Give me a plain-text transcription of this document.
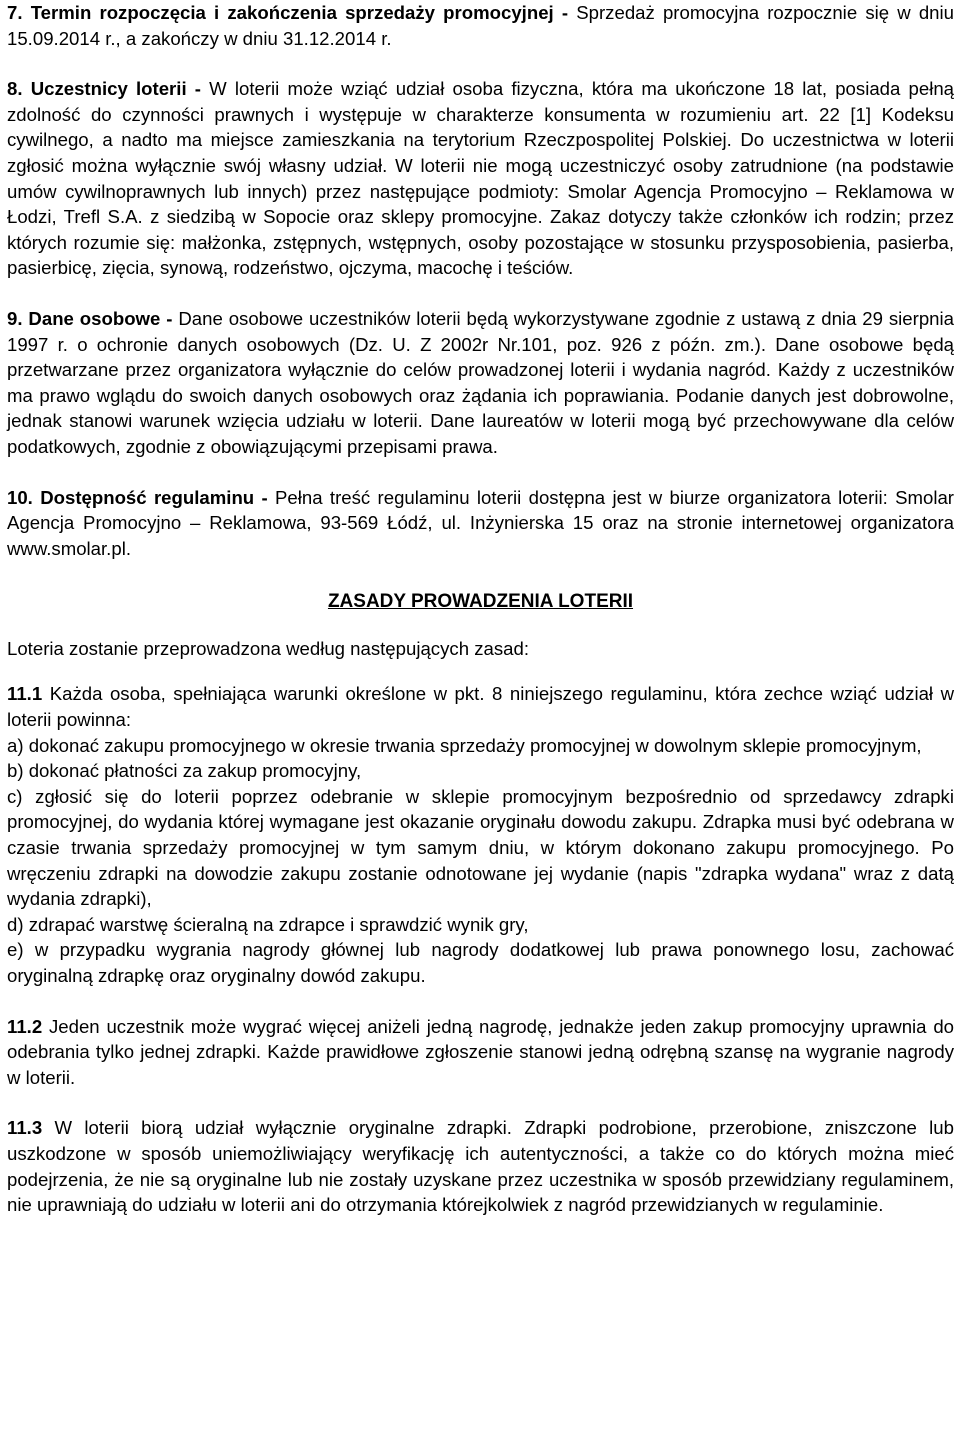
7. Termin rozpoczęcia i zakończenia sprzedaży promocyjnej - Sprzedaż promocyjna rozpocznie się w dniu 15.09.2014 r., a zakończy w dniu 31.12.2014 r.

8. Uczestnicy loterii - W loterii może wziąć udział osoba fizyczna, która ma ukończone 18 lat, posiada pełną zdolność do czynności prawnych i występuje w charakterze konsumenta w rozumieniu art. 22 [1] Kodeksu cywilnego, a nadto ma miejsce zamieszkania na terytorium Rzeczpospolitej Polskiej. Do uczestnictwa w loterii zgłosić można wyłącznie swój własny udział. W loterii nie mogą uczestniczyć osoby zatrudnione (na podstawie umów cywilnoprawnych lub innych) przez następujące podmioty: Smolar Agencja Promocyjno – Reklamowa w Łodzi, Trefl S.A. z siedzibą w Sopocie oraz sklepy promocyjne. Zakaz dotyczy także członków ich rodzin; przez których rozumie się: małżonka, zstępnych, wstępnych, osoby pozostające w stosunku przysposobienia, pasierba, pasierbicę, zięcia, synową, rodzeństwo, ojczyma, macochę i teściów.

9. Dane osobowe - Dane osobowe uczestników loterii będą wykorzystywane zgodnie z ustawą z dnia 29 sierpnia 1997 r. o ochronie danych osobowych (Dz. U. Z 2002r Nr.101, poz. 926 z późn. zm.). Dane osobowe będą przetwarzane przez organizatora wyłącznie do celów prowadzonej loterii i wydania nagród. Każdy z uczestników ma prawo wglądu do swoich danych osobowych oraz żądania ich poprawiania. Podanie danych jest dobrowolne, jednak stanowi warunek wzięcia udziału w loterii. Dane laureatów w loterii mogą być przechowywane dla celów podatkowych, zgodnie z obowiązującymi przepisami prawa.

10. Dostępność regulaminu - Pełna treść regulaminu loterii dostępna jest w biurze organizatora loterii: Smolar Agencja Promocyjno – Reklamowa, 93-569 Łódź, ul. Inżynierska 15 oraz na stronie internetowej organizatora www.smolar.pl.

ZASADY PROWADZENIA LOTERII

Loteria zostanie przeprowadzona według następujących zasad:

11.1 Każda osoba, spełniająca warunki określone w pkt. 8 niniejszego regulaminu, która zechce wziąć udział w loterii powinna:

a) dokonać zakupu promocyjnego w okresie trwania sprzedaży promocyjnej w dowolnym sklepie promocyjnym,

b) dokonać płatności za zakup promocyjny,

c) zgłosić się do loterii poprzez odebranie w sklepie promocyjnym bezpośrednio od sprzedawcy zdrapki promocyjnej, do wydania której wymagane jest okazanie oryginału dowodu zakupu. Zdrapka musi być odebrana w czasie trwania sprzedaży promocyjnej w tym samym dniu, w którym dokonano zakupu promocyjnego. Po wręczeniu zdrapki na dowodzie zakupu zostanie odnotowane jej wydanie (napis "zdrapka wydana" wraz z datą wydania zdrapki),

d) zdrapać warstwę ścieralną na zdrapce i sprawdzić wynik gry,

e) w przypadku wygrania nagrody głównej lub nagrody dodatkowej lub prawa ponownego losu, zachować oryginalną zdrapkę oraz oryginalny dowód zakupu.

11.2 Jeden uczestnik może wygrać więcej aniżeli jedną nagrodę, jednakże jeden zakup promocyjny uprawnia do odebrania tylko jednej zdrapki. Każde prawidłowe zgłoszenie stanowi jedną odrębną szansę na wygranie nagrody w loterii.

11.3 W loterii biorą udział wyłącznie oryginalne zdrapki. Zdrapki podrobione, przerobione, zniszczone lub uszkodzone w sposób uniemożliwiający weryfikację ich autentyczności, a także co do których można mieć podejrzenia, że nie są oryginalne lub nie zostały uzyskane przez uczestnika w sposób przewidziany regulaminem, nie uprawniają do udziału w loterii ani do otrzymania którejkolwiek z nagród przewidzianych w regulaminie.
